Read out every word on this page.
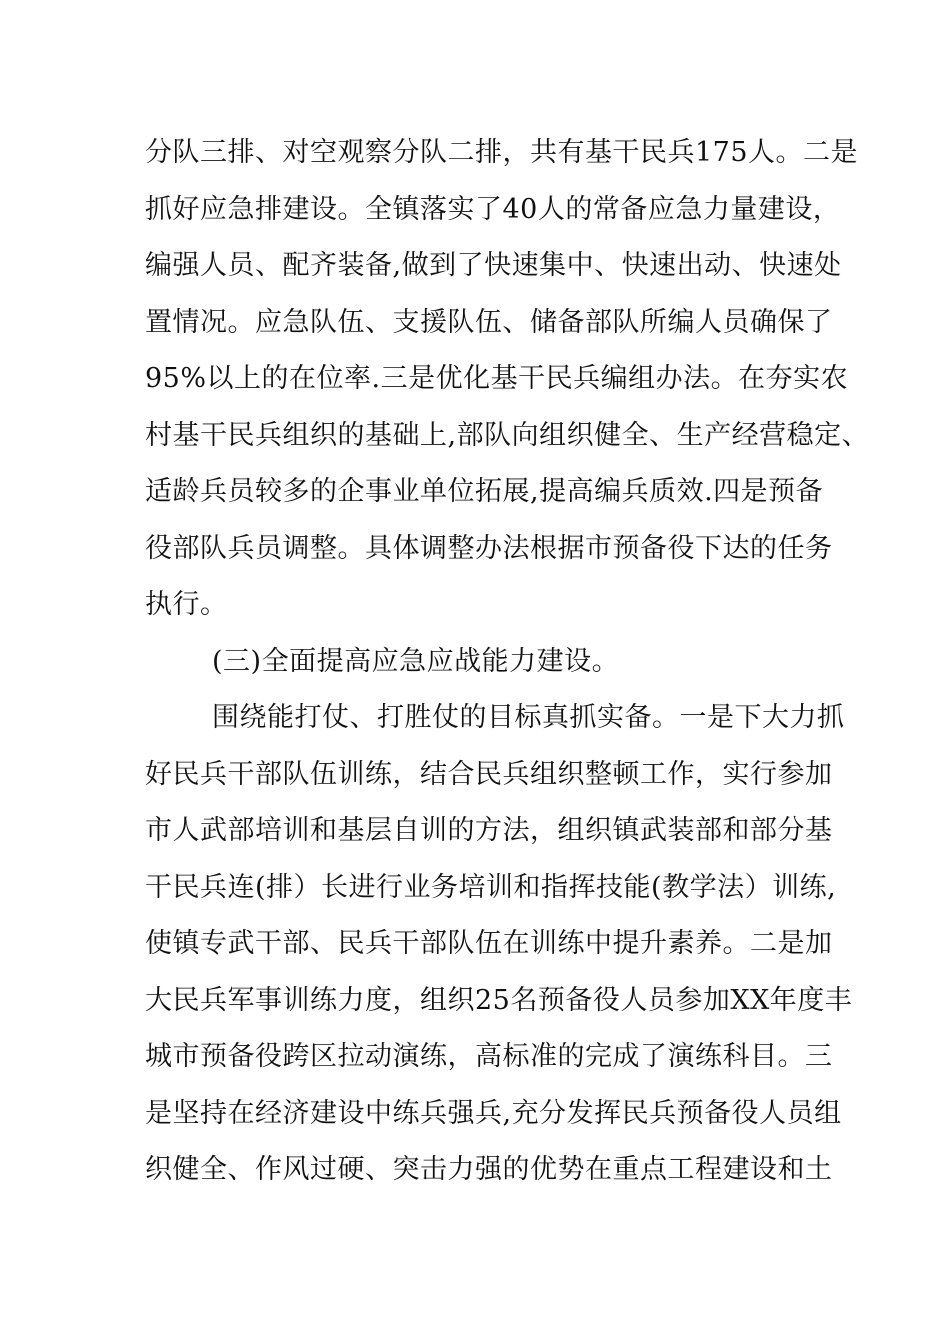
分队三排、对空观察分队二排，共有基干民兵175人。二是
抓好应急排建设。全镇落实了40人的常备应急力量建设，
编强人员、配齐装备,做到了快速集中、快速出动、快速处
置情况。应急队伍、支援队伍、储备部队所编人员确保了
95%以上的在位率.三是优化基干民兵编组办法。在夯实农
村基干民兵组织的基础上,部队向组织健全、生产经营稳定、
适龄兵员较多的企事业单位拓展,提高编兵质效.四是预备
役部队兵员调整。具体调整办法根据市预备役下达的任务
执行。
(三)全面提高应急应战能力建设。
围绕能打仗、打胜仗的目标真抓实备。一是下大力抓
好民兵干部队伍训练，结合民兵组织整顿工作，实行参加
市人武部培训和基层自训的方法，组织镇武装部和部分基
干民兵连(排）长进行业务培训和指挥技能(教学法）训练,
使镇专武干部、民兵干部队伍在训练中提升素养。二是加
大民兵军事训练力度，组织25名预备役人员参加XX年度丰
城市预备役跨区拉动演练，高标准的完成了演练科目。三
是坚持在经济建设中练兵强兵,充分发挥民兵预备役人员组
织健全、作风过硬、突击力强的优势在重点工程建设和土
